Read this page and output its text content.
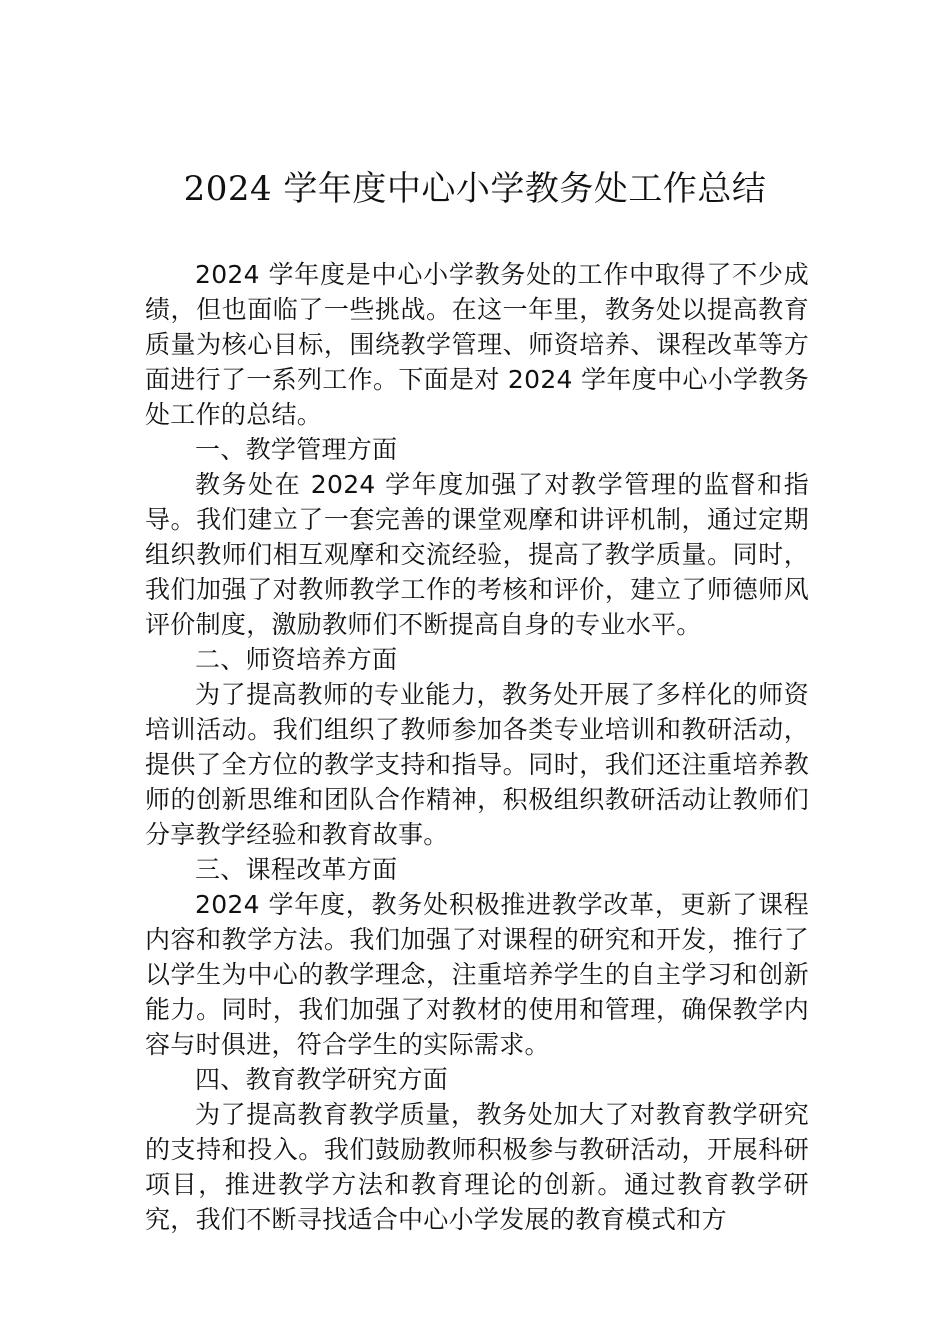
2024 学年度中心小学教务处工作总结

2024 学年度是中心小学教务处的工作中取得了不少成绩，但也面临了一些挑战。在这一年里，教务处以提高教育质量为核心目标，围绕教学管理、师资培养、课程改革等方面进行了一系列工作。下面是对 2024 学年度中心小学教务处工作的总结。

一、教学管理方面

教务处在 2024 学年度加强了对教学管理的监督和指导。我们建立了一套完善的课堂观摩和讲评机制，通过定期组织教师们相互观摩和交流经验，提高了教学质量。同时，我们加强了对教师教学工作的考核和评价，建立了师德师风评价制度，激励教师们不断提高自身的专业水平。

二、师资培养方面

为了提高教师的专业能力，教务处开展了多样化的师资培训活动。我们组织了教师参加各类专业培训和教研活动，提供了全方位的教学支持和指导。同时，我们还注重培养教师的创新思维和团队合作精神，积极组织教研活动让教师们分享教学经验和教育故事。

三、课程改革方面

2024 学年度，教务处积极推进教学改革，更新了课程内容和教学方法。我们加强了对课程的研究和开发，推行了以学生为中心的教学理念，注重培养学生的自主学习和创新能力。同时，我们加强了对教材的使用和管理，确保教学内容与时俱进，符合学生的实际需求。

四、教育教学研究方面

为了提高教育教学质量，教务处加大了对教育教学研究的支持和投入。我们鼓励教师积极参与教研活动，开展科研项目，推进教学方法和教育理论的创新。通过教育教学研究，我们不断寻找适合中心小学发展的教育模式和方
